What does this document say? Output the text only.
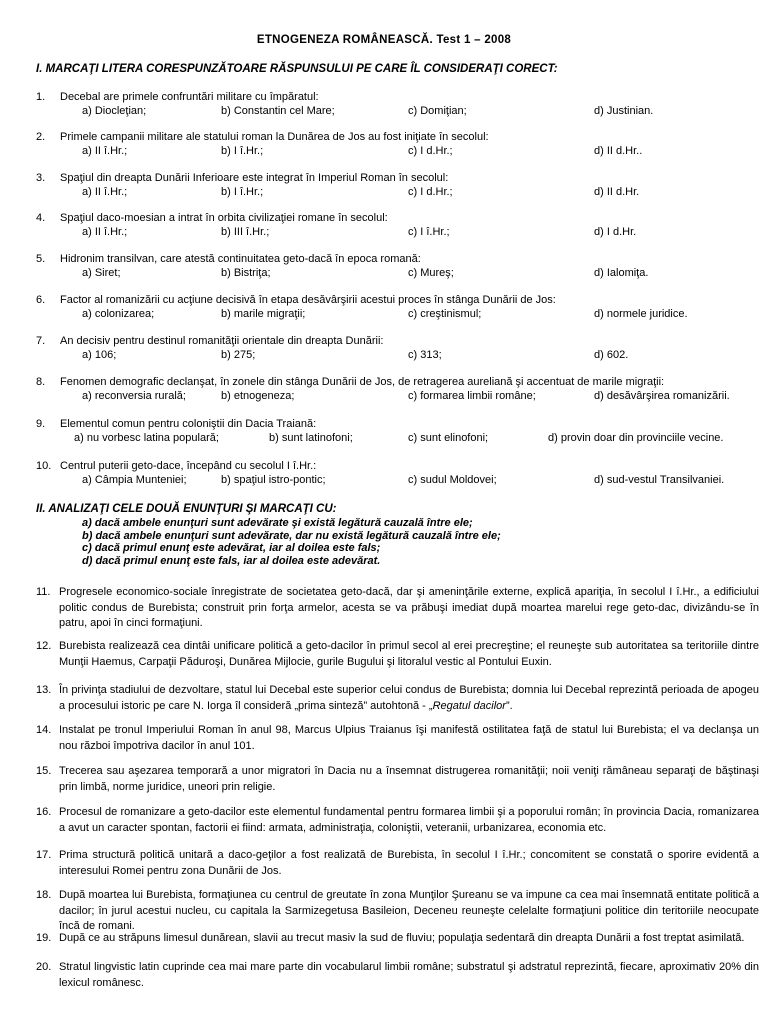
ETNOGENEZA ROMÂNEASCĂ. Test 1 – 2008
I. MARCAŢI LITERA CORESPUNZĂTOARE RĂSPUNSULUI PE CARE ÎL CONSIDERAŢI CORECT:
1. Decebal are primele confruntări militare cu împăratul:
a) Diocleţian;	b) Constantin cel Mare;	c) Domiţian;	d) Justinian.
2. Primele campanii militare ale statului roman la Dunărea de Jos au fost iniţiate în secolul:
a) II î.Hr.;	b) I î.Hr.;	c) I d.Hr.;	d) II d.Hr..
3. Spaţiul din dreapta Dunării Inferioare este integrat în Imperiul Roman în secolul:
a) II î.Hr.;	b) I î.Hr.;	c) I d.Hr.;	d) II d.Hr.
4. Spaţiul daco-moesian a intrat în orbita civilizaţiei romane în secolul:
a) II î.Hr.;	b) III î.Hr.;	c) I î.Hr.;	d) I d.Hr.
5. Hidronim transilvan, care atestă continuitatea geto-dacă în epoca romană:
a) Siret;	b) Bistriţa;	c) Mureş;	d) Ialomiţa.
6. Factor al romanizării cu acţiune decisivă în etapa desăvârşirii acestui proces în stânga Dunării de Jos:
a) colonizarea;	b) marile migraţii;	c) creştinismul;	d) normele juridice.
7. An decisiv pentru destinul romanităţii orientale din dreapta Dunării:
a) 106;	b) 275;	c) 313;	d) 602.
8. Fenomen demografic declanşat, în zonele din stânga Dunării de Jos, de retragerea aureliană şi accentuat de marile migraţii:
a) reconversia rurală;	b) etnogeneza;	c) formarea limbii române;	d) desăvârşirea romanizării.
9. Elementul comun pentru coloniştii din Dacia Traiană:
a) nu vorbesc latina populară;	b) sunt latinofoni;	c) sunt elinofoni;	d) provin doar din provinciile vecine.
10. Centrul puterii geto-dace, începând cu secolul I î.Hr.:
a) Câmpia Munteniei;	b) spaţiul istro-pontic;	c) sudul Moldovei;	d) sud-vestul Transilvaniei.
II. ANALIZAŢI CELE DOUĂ ENUNŢURI ŞI MARCAŢI CU:
a) dacă ambele enunţuri sunt adevărate şi există legătură cauzală între ele;
b) dacă ambele enunţuri sunt adevărate, dar nu există legătură cauzală între ele;
c) dacă primul enunţ este adevărat, iar al doilea este fals;
d) dacă primul enunţ este fals, iar al doilea este adevărat.
11. Progresele economico-sociale înregistrate de societatea geto-dacă, dar şi ameninţările externe, explică apariţia, în secolul I î.Hr., a edificiului politic condus de Burebista; construit prin forţa armelor, acesta se va prăbuşi imediat după moartea marelui rege geto-dac, divizându-se în patru, apoi în cinci formaţiuni.
12. Burebista realizează cea dintâi unificare politică a geto-dacilor în primul secol al erei precreştine; el reuneşte sub autoritatea sa teritoriile dintre Munţii Haemus, Carpaţii Păduroşi, Dunărea Mijlocie, gurile Bugului şi litoralul vestic al Pontului Euxin.
13. În privinţa stadiului de dezvoltare, statul lui Decebal este superior celui condus de Burebista; domnia lui Decebal reprezintă perioada de apogeu a procesului istoric pe care N. Iorga îl consideră „prima sinteză” autohtonă - „Regatul dacilor”.
14. Instalat pe tronul Imperiului Roman în anul 98, Marcus Ulpius Traianus îşi manifestă ostilitatea faţă de statul lui Burebista; el va declanşa un nou război împotriva dacilor în anul 101.
15. Trecerea sau aşezarea temporară a unor migratori în Dacia nu a însemnat distrugerea romanităţii; noii veniţi rămâneau separaţi de băştinaşi prin limbă, norme juridice, uneori prin religie.
16. Procesul de romanizare a geto-dacilor este elementul fundamental pentru formarea limbii şi a poporului român; în provincia Dacia, romanizarea a avut un caracter spontan, factorii ei fiind: armata, administraţia, coloniştii, veteranii, urbanizarea, economia etc.
17. Prima structură politică unitară a daco-geţilor a fost realizată de Burebista, în secolul I î.Hr.; concomitent se constată o sporire evidentă a interesului Romei pentru zona Dunării de Jos.
18. După moartea lui Burebista, formaţiunea cu centrul de greutate în zona Munţilor Şureanu se va impune ca cea mai însemnată entitate politică a dacilor; în jurul acestui nucleu, cu capitala la Sarmizegetusa Basileion, Deceneu reuneşte celelalte formaţiuni politice din teritoriile neocupate încă de romani.
19. După ce au străpuns limesul dunărean, slavii au trecut masiv la sud de fluviu; populaţia sedentară din dreapta Dunării a fost treptat asimilată.
20. Stratul lingvistic latin cuprinde cea mai mare parte din vocabularul limbii române; substratul şi adstratul reprezintă, fiecare, aproximativ 20% din lexicul românesc.
